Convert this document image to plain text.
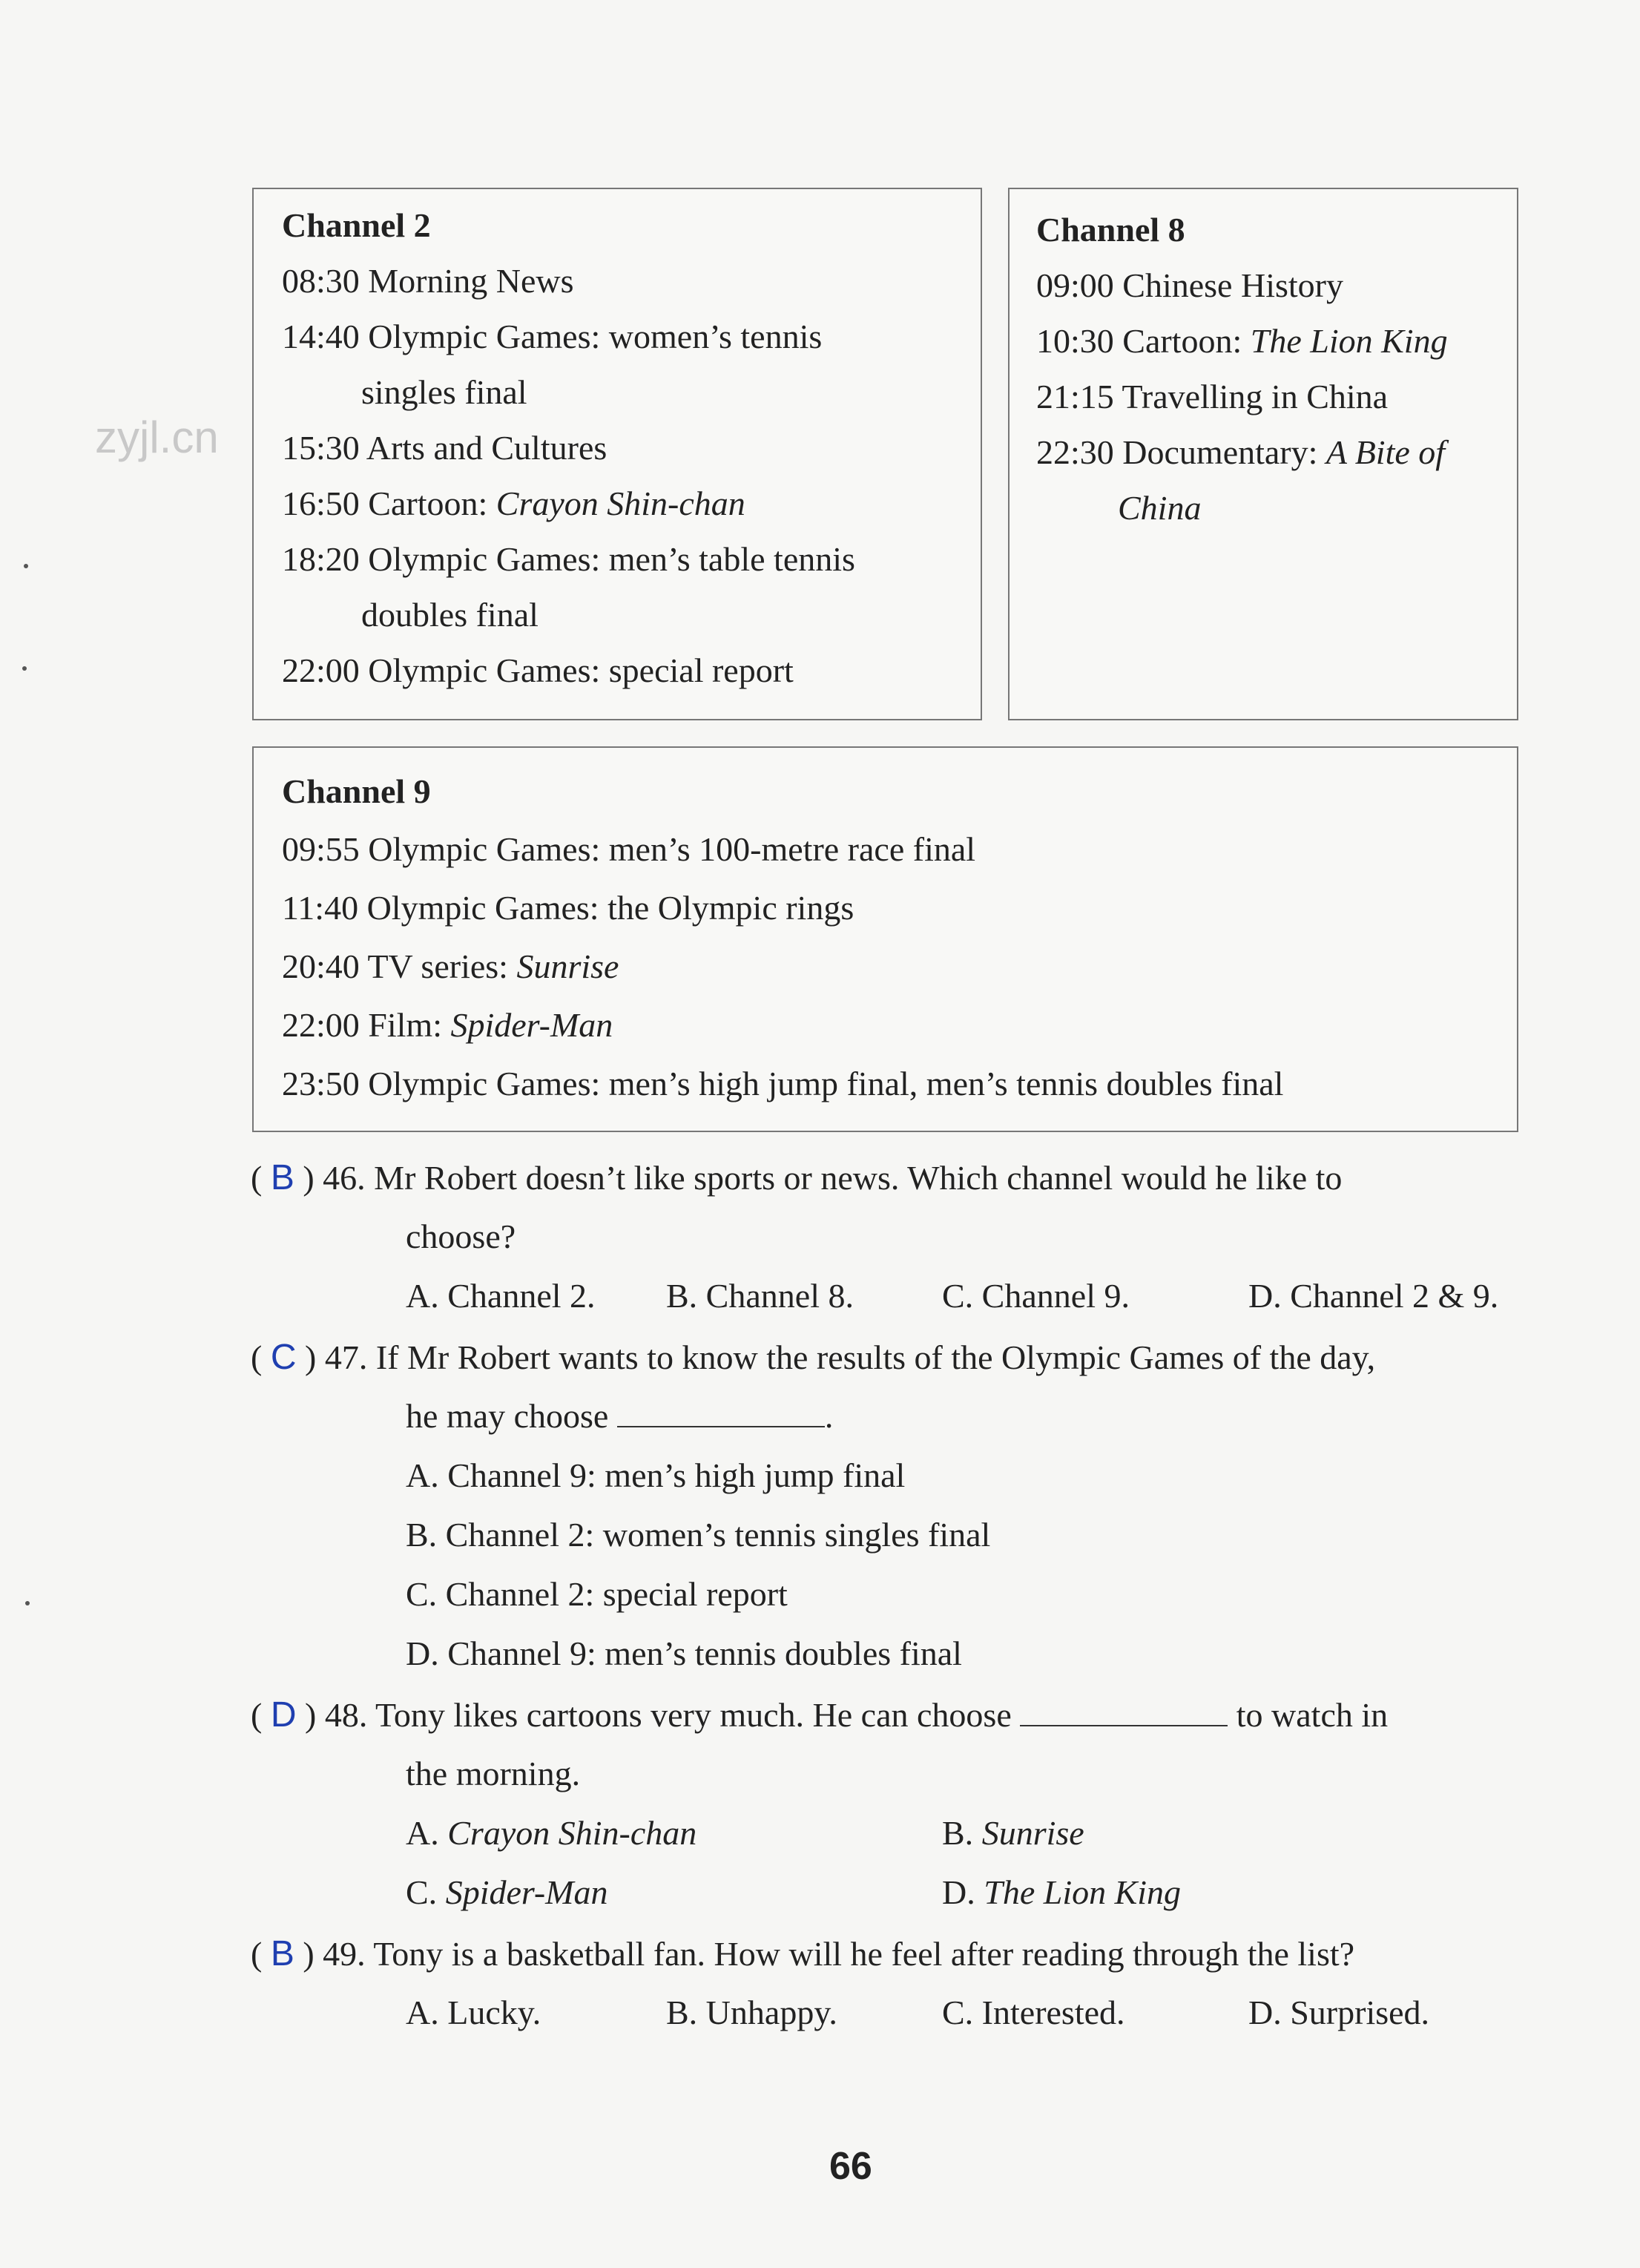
zyjl.cn
Channel 2
08:30 Morning News
14:40 Olympic Games: women’s tennis
singles final
15:30 Arts and Cultures
16:50 Cartoon: Crayon Shin-chan
18:20 Olympic Games: men’s table tennis
doubles final
22:00 Olympic Games: special report
Channel 8
09:00 Chinese History
10:30 Cartoon: The Lion King
21:15 Travelling in China
22:30 Documentary: A Bite of
China
Channel 9
09:55 Olympic Games: men’s 100-metre race final
11:40 Olympic Games: the Olympic rings
20:40 TV series: Sunrise
22:00 Film: Spider-Man
23:50 Olympic Games: men’s high jump final, men’s tennis doubles final
( B ) 46. Mr Robert doesn’t like sports or news. Which channel would he like to
choose?
A. Channel 2. B. Channel 8.	C. Channel 9.	D. Channel 2 & 9.
( C ) 47. If Mr Robert wants to know the results of the Olympic Games of the day,
he may choose	.
A. Channel 9: men’s high jump final
B. Channel 2: women’s tennis singles final
C. Channel 2: special report
D. Channel 9: men’s tennis doubles final
( D ) 48. Tony likes cartoons very much. He can choose	to watch in
the morning.
A. Crayon Shin-chan	B. Sunrise
C. Spider-Man	D. The Lion King
( B ) 49. Tony is a basketball fan. How will he feel after reading through the list?
A. Lucky.	B. Unhappy.	C. Interested.	D. Surprised.
66
